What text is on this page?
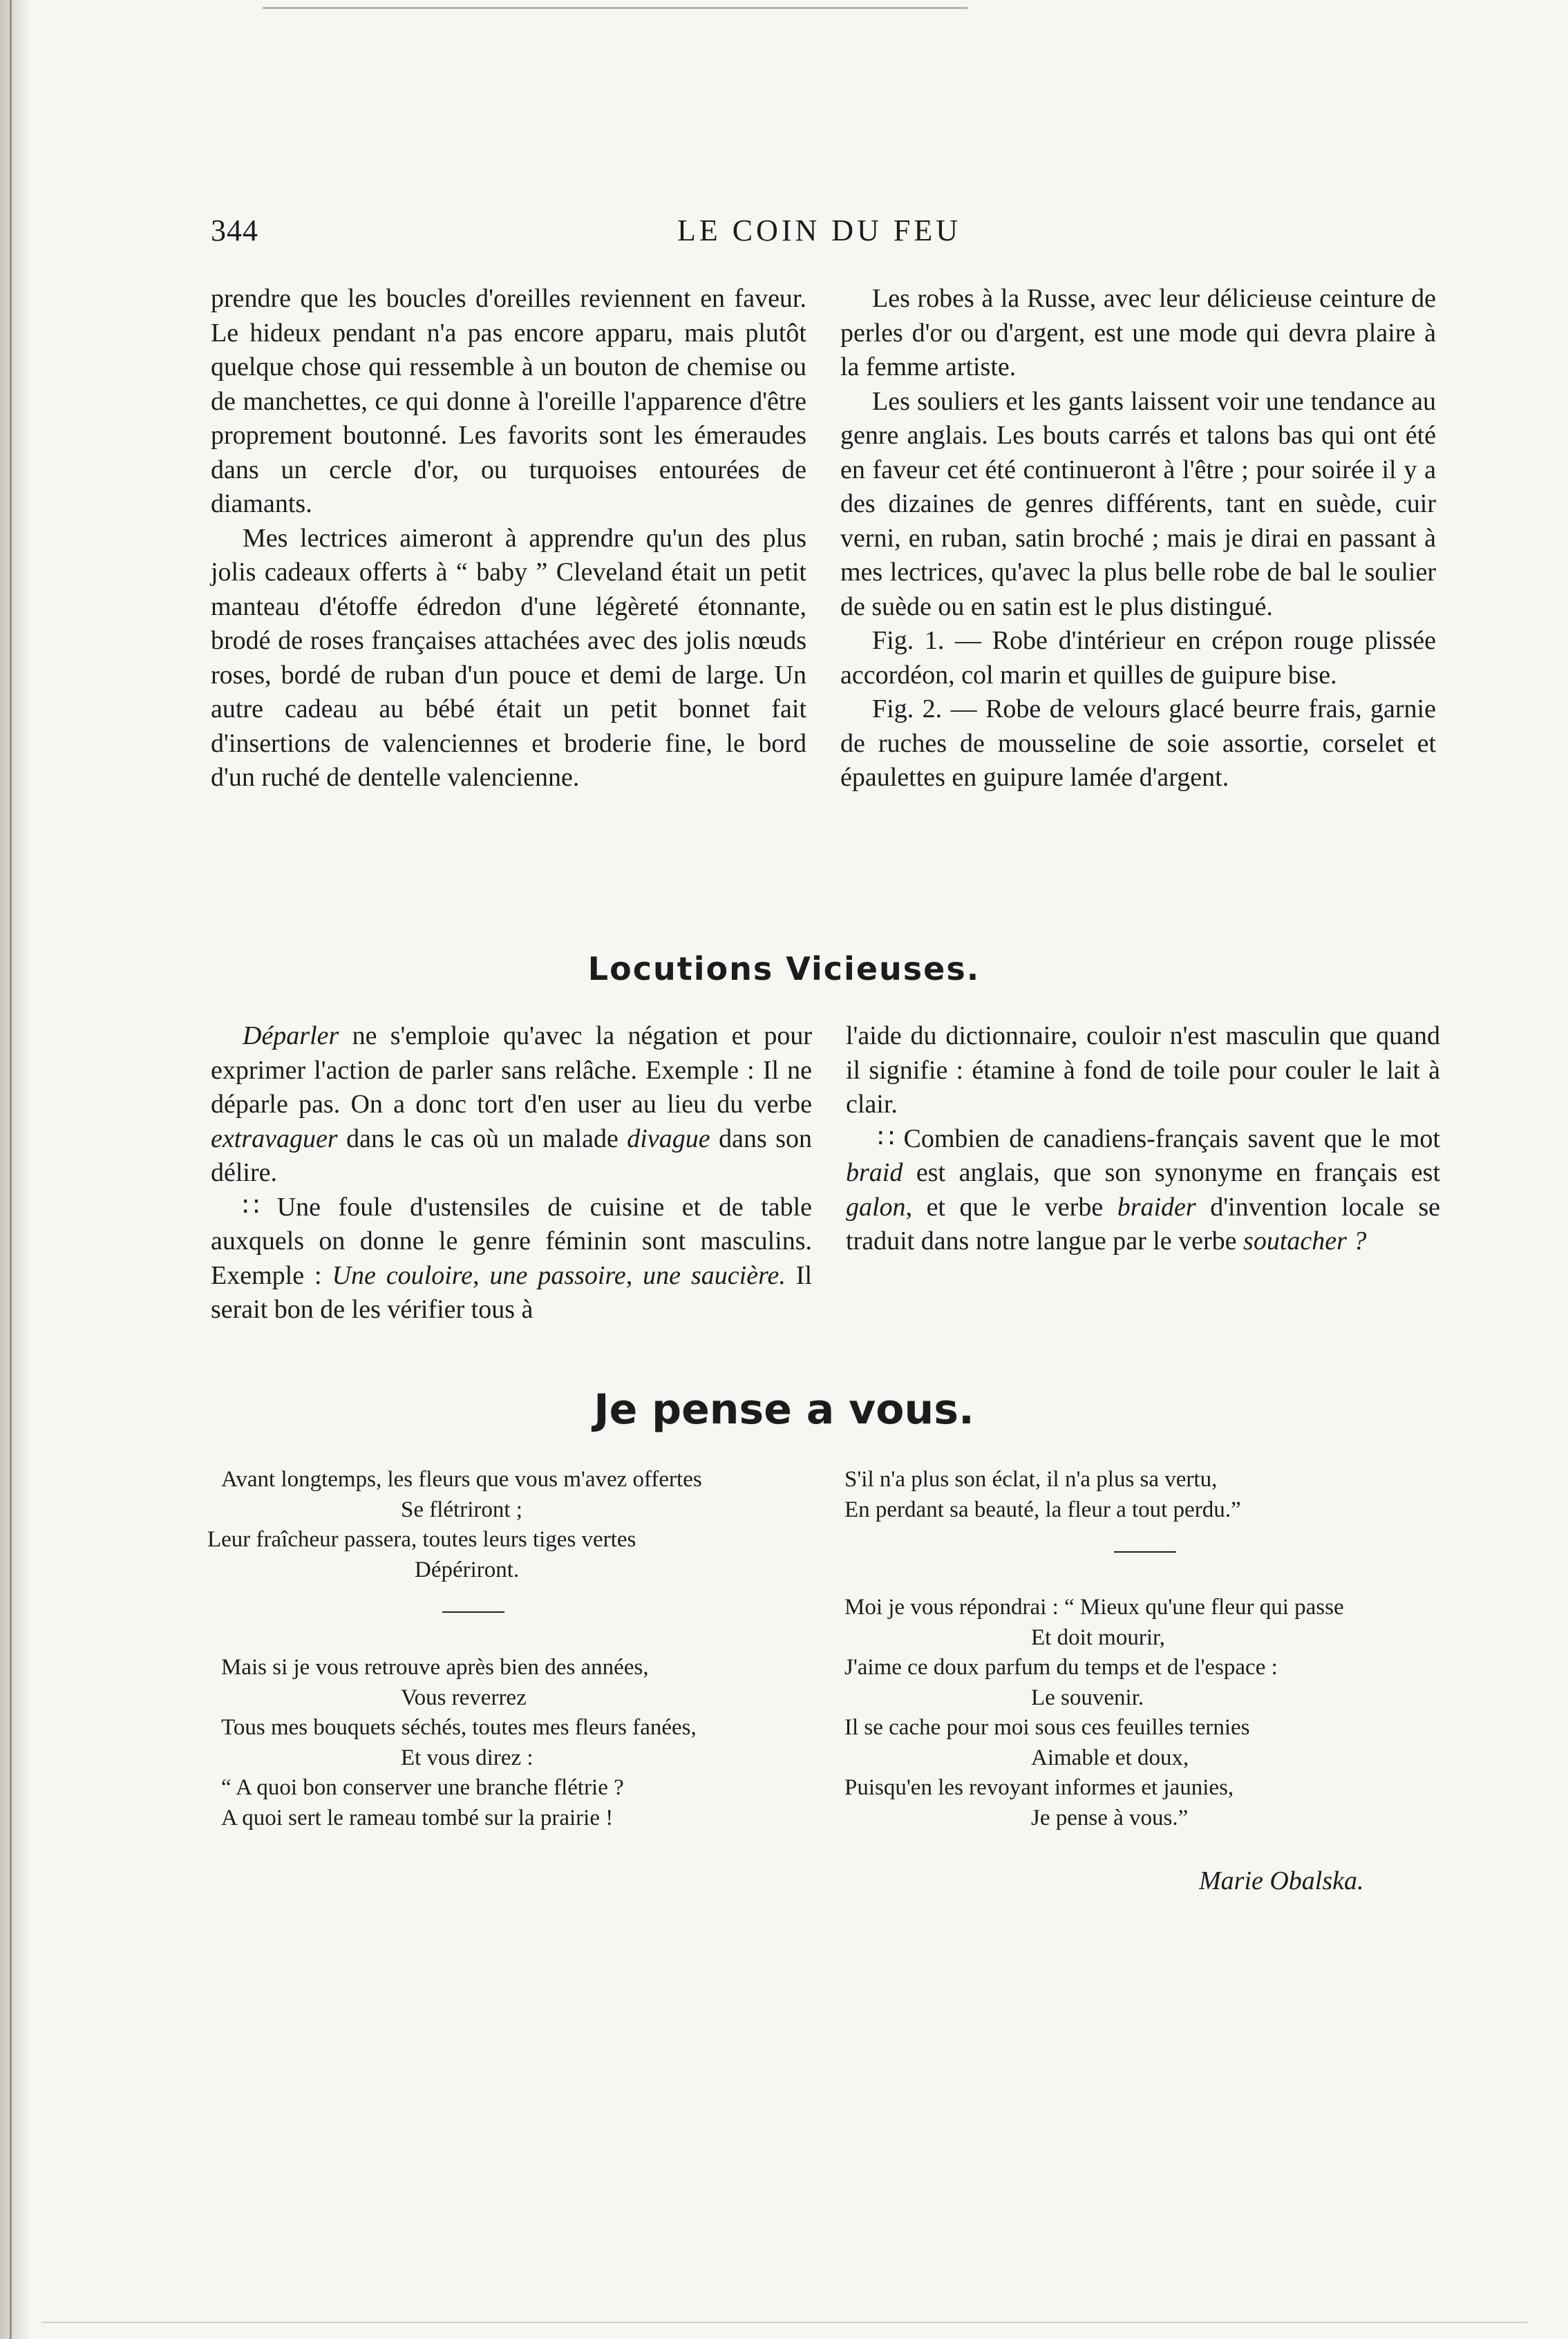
344	LE COIN DU FEU

prendre que les boucles d'oreilles reviennent en faveur. Le hideux pendant n'a pas encore apparu, mais plutôt quelque chose qui ressemble à un bouton de chemise ou de manchettes, ce qui donne à l'oreille l'apparence d'être proprement boutonné. Les favorits sont les émeraudes dans un cercle d'or, ou turquoises entourées de diamants.

Mes lectrices aimeront à apprendre qu'un des plus jolis cadeaux offerts à “ baby ” Cleveland était un petit manteau d'étoffe édredon d'une légèreté étonnante, brodé de roses françaises attachées avec des jolis nœuds roses, bordé de ruban d'un pouce et demi de large. Un autre cadeau au bébé était un petit bonnet fait d'insertions de valenciennes et broderie fine, le bord d'un ruché de dentelle valencienne.

Les robes à la Russe, avec leur délicieuse ceinture de perles d'or ou d'argent, est une mode qui devra plaire à la femme artiste.

Les souliers et les gants laissent voir une tendance au genre anglais. Les bouts carrés et talons bas qui ont été en faveur cet été continueront à l'être ; pour soirée il y a des dizaines de genres différents, tant en suède, cuir verni, en ruban, satin broché ; mais je dirai en passant à mes lectrices, qu'avec la plus belle robe de bal le soulier de suède ou en satin est le plus distingué.

Fig. 1. — Robe d'intérieur en crépon rouge plissée accordéon, col marin et quilles de guipure bise.

Fig. 2. — Robe de velours glacé beurre frais, garnie de ruches de mousseline de soie assortie, corselet et épaulettes en guipure lamée d'argent.

Locutions Vicieuses.

Déparler ne s'emploie qu'avec la négation et pour exprimer l'action de parler sans relâche. Exemple : Il ne déparle pas. On a donc tort d'en user au lieu du verbe extravaguer dans le cas où un malade divague dans son délire.

∷ Une foule d'ustensiles de cuisine et de table auxquels on donne le genre féminin sont masculins. Exemple : Une couloire, une passoire, une saucière. Il serait bon de les vérifier tous à

l'aide du dictionnaire, couloir n'est masculin que quand il signifie : étamine à fond de toile pour couler le lait à clair.

∷ Combien de canadiens-français savent que le mot braid est anglais, que son synonyme en français est galon, et que le verbe braider d'invention locale se traduit dans notre langue par le verbe soutacher ?

Je pense a vous.
Avant longtemps, les fleurs que vous m'avez offertes
Se flétriront ;
Leur fraîcheur passera, toutes leurs tiges vertes
Dépériront.
Mais si je vous retrouve après bien des années,
Vous reverrez
Tous mes bouquets séchés, toutes mes fleurs fanées,
Et vous direz :
“ A quoi bon conserver une branche flétrie ?
A quoi sert le rameau tombé sur la prairie !
S'il n'a plus son éclat, il n'a plus sa vertu,
En perdant sa beauté, la fleur a tout perdu.”
Moi je vous répondrai : “ Mieux qu'une fleur qui passe
Et doit mourir,
J'aime ce doux parfum du temps et de l'espace :
Le souvenir.
Il se cache pour moi sous ces feuilles ternies
Aimable et doux,
Puisqu'en les revoyant informes et jaunies,
Je pense à vous.”
Marie Obalska.
